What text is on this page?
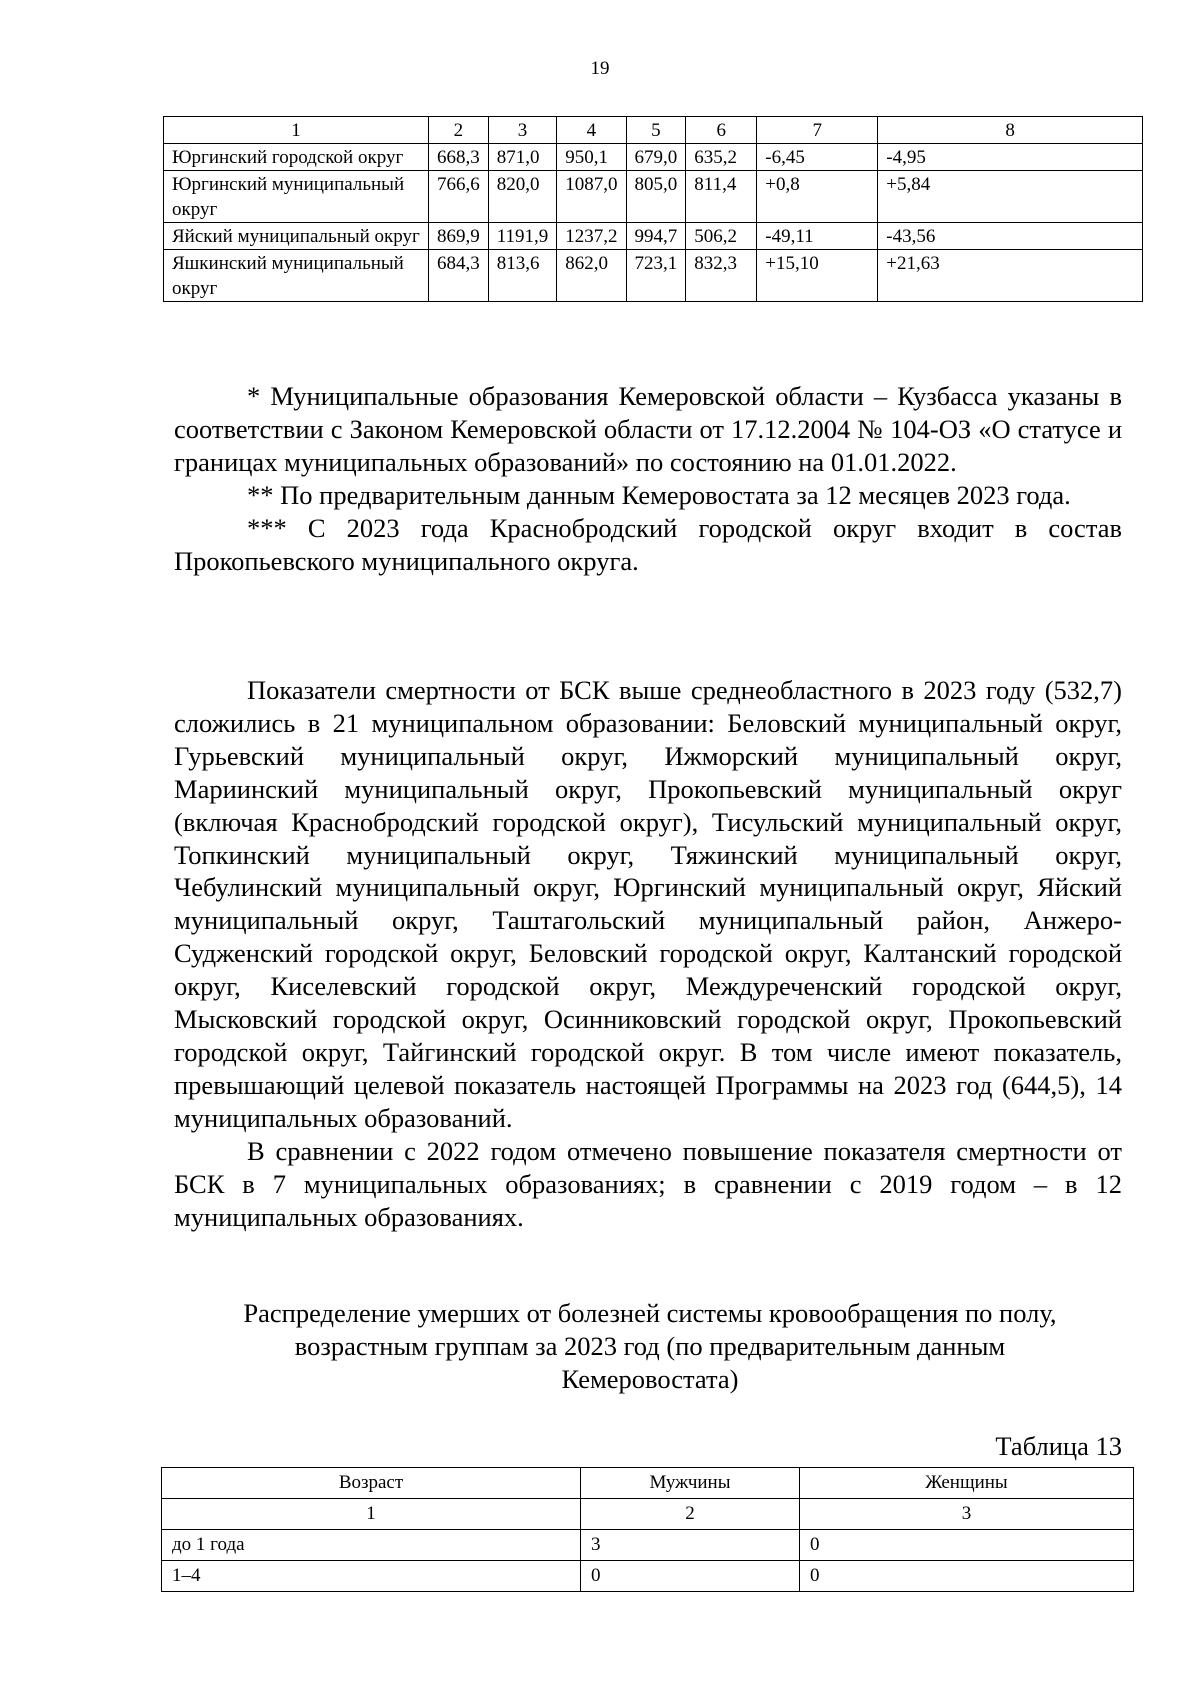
19
1	2	3	4	5	6	7	8
Юргинский городской округ	668,3	871,0	950,1	679,0	635,2	-6,45	-4,95
Юргинский муниципальный округ	766,6	820,0	1087,0	805,0	811,4	+0,8	+5,84
Яйский муниципальный округ	869,9	1191,9	1237,2	994,7	506,2	-49,11	-43,56
Яшкинский муниципальный округ	684,3	813,6	862,0	723,1	832,3	+15,10	+21,63

* Муниципальные образования Кемеровской области – Кузбасса указаны в соответствии с Законом Кемеровской области от 17.12.2004 № 104-ОЗ «О статусе и границах муниципальных образований» по состоянию на 01.01.2022.

** По предварительным данным Кемеровостата за 12 месяцев 2023 года.

*** С 2023 года Краснобродский городской округ входит в состав Прокопьевского муниципального округа.

Показатели смертности от БСК выше среднеобластного в 2023 году (532,7) сложились в 21 муниципальном образовании: Беловский муниципальный округ, Гурьевский муниципальный округ, Ижморский муниципальный округ, Мариинский муниципальный округ, Прокопьевский муниципальный округ (включая Краснобродский городской округ), Тисульский муниципальный округ, Топкинский муниципальный округ, Тяжинский муниципальный округ, Чебулинский муниципальный округ, Юргинский муниципальный округ, Яйский муниципальный округ, Таштагольский муниципальный район, Анжеро-Судженский городской округ, Беловский городской округ, Калтанский городской округ, Киселевский городской округ, Междуреченский городской округ, Мысковский городской округ, Осинниковский городской округ, Прокопьевский городской округ, Тайгинский городской округ. В том числе имеют показатель, превышающий целевой показатель настоящей Программы на 2023 год (644,5), 14 муниципальных образований.

В сравнении с 2022 годом отмечено повышение показателя смертности от БСК в 7 муниципальных образованиях; в сравнении с 2019 годом – в 12 муниципальных образованиях.

Распределение умерших от болезней системы кровообращения по полу,
возрастным группам за 2023 год (по предварительным данным
Кемеровостата)
Таблица 13
Возраст	Мужчины	Женщины
1	2	3
до 1 года	3	0
1–4	0	0
